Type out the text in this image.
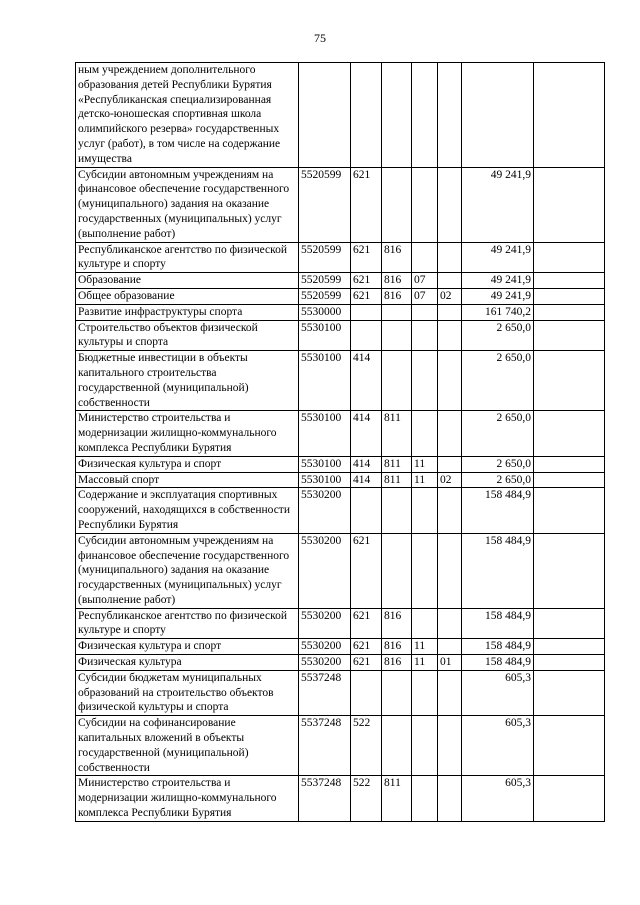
75
ным учреждением дополнительного образования детей Республики Бурятия «Республиканская специализированная детско-юношеская спортивная школа олимпийского резерва» государственных услуг (работ), в том числе на содержание имущества							
Субсидии автономным учреждениям на финансовое обеспечение государственного (муниципального) задания на оказание государственных (муниципальных) услуг (выполнение работ)	5520599	621				49 241,9	
Республиканское агентство по физической культуре и спорту	5520599	621	816			49 241,9	
Образование	5520599	621	816	07		49 241,9	
Общее образование	5520599	621	816	07	02	49 241,9	
Развитие инфраструктуры спорта	5530000					161 740,2	
Строительство объектов физической культуры и спорта	5530100					2 650,0	
Бюджетные инвестиции в объекты капитального строительства государственной (муниципальной) собственности	5530100	414				2 650,0	
Министерство строительства и модернизации жилищно-коммунального комплекса Республики Бурятия	5530100	414	811			2 650,0	
Физическая культура и спорт	5530100	414	811	11		2 650,0	
Массовый спорт	5530100	414	811	11	02	2 650,0	
Содержание и эксплуатация спортивных сооружений, находящихся в собственности Республики Бурятия	5530200					158 484,9	
Субсидии автономным учреждениям на финансовое обеспечение государственного (муниципального) задания на оказание государственных (муниципальных) услуг (выполнение работ)	5530200	621				158 484,9	
Республиканское агентство по физической культуре и спорту	5530200	621	816			158 484,9	
Физическая культура и спорт	5530200	621	816	11		158 484,9	
Физическая культура	5530200	621	816	11	01	158 484,9	
Субсидии бюджетам муниципальных образований на строительство объектов физической культуры и спорта	5537248					605,3	
Субсидии на софинансирование капитальных вложений в объекты государственной (муниципальной) собственности	5537248	522				605,3	
Министерство строительства и модернизации жилищно-коммунального комплекса Республики Бурятия	5537248	522	811			605,3	
